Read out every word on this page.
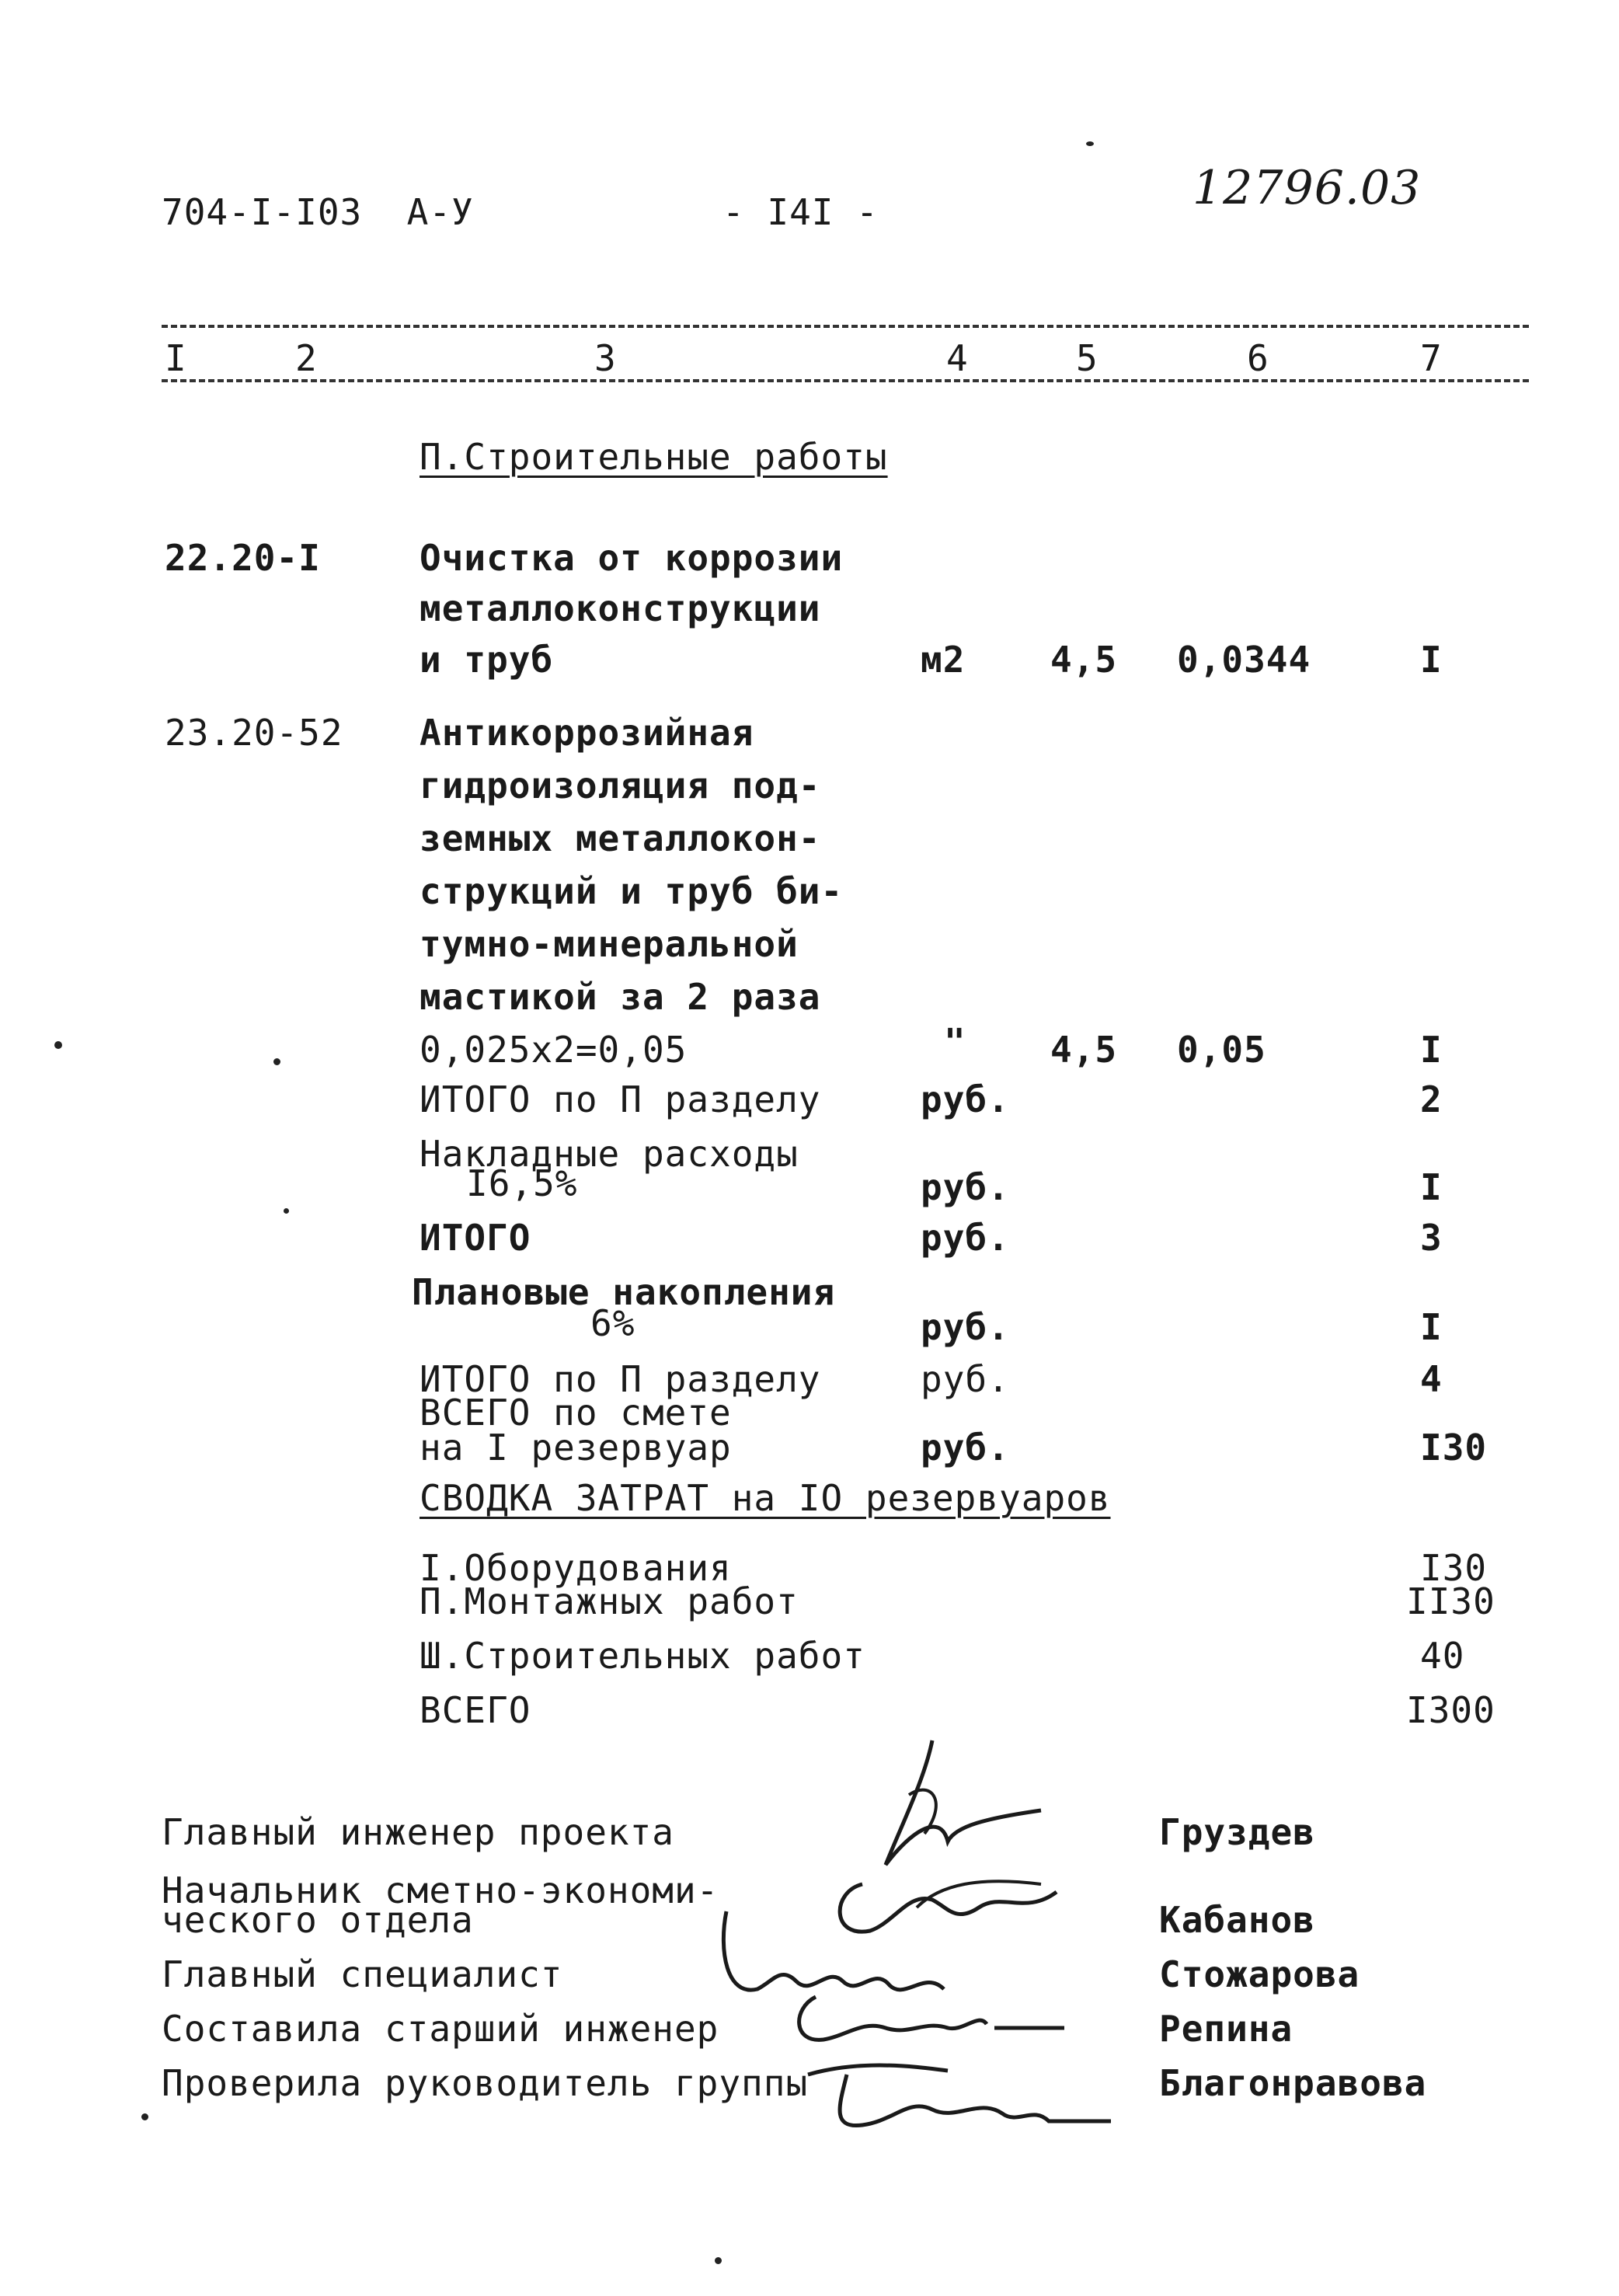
704-I-I03  А-У	- I4I -	12796.03
I	2	3	4	5	6	7
П.Строительные работы
22.20-I	Очистка от коррозии
металлоконструкции
и труб	м2 4,5 0,0344	I
23.20-52 Антикоррозийная
гидроизоляция под-
земных металлокон-
струкций и труб би-
тумно-минеральной
мастикой за 2 раза
0,025x2=0,05	" 4,5 0,05	I
ИТОГО по П разделу	руб.	2
Накладные расходы
I6,5%	руб.	I
ИТОГО	руб.	3
Плановые накопления
6%	руб.	I
ИТОГО по П разделу	руб.	4
ВСЕГО по смете
на I резервуар	руб.	I30
СВОДКА ЗАТРАТ на IO резервуаров
I.Оборудования	I30
П.Монтажных работ	II30
Ш.Строительных работ	40
ВСЕГО	I300
Главный инженер проекта	Груздев
Начальник сметно-экономи-
ческого отдела	Кабанов
Главный специалист	Стожарова
Составила старший инженер	Репина
Проверила руководитель группы	Благонравова
